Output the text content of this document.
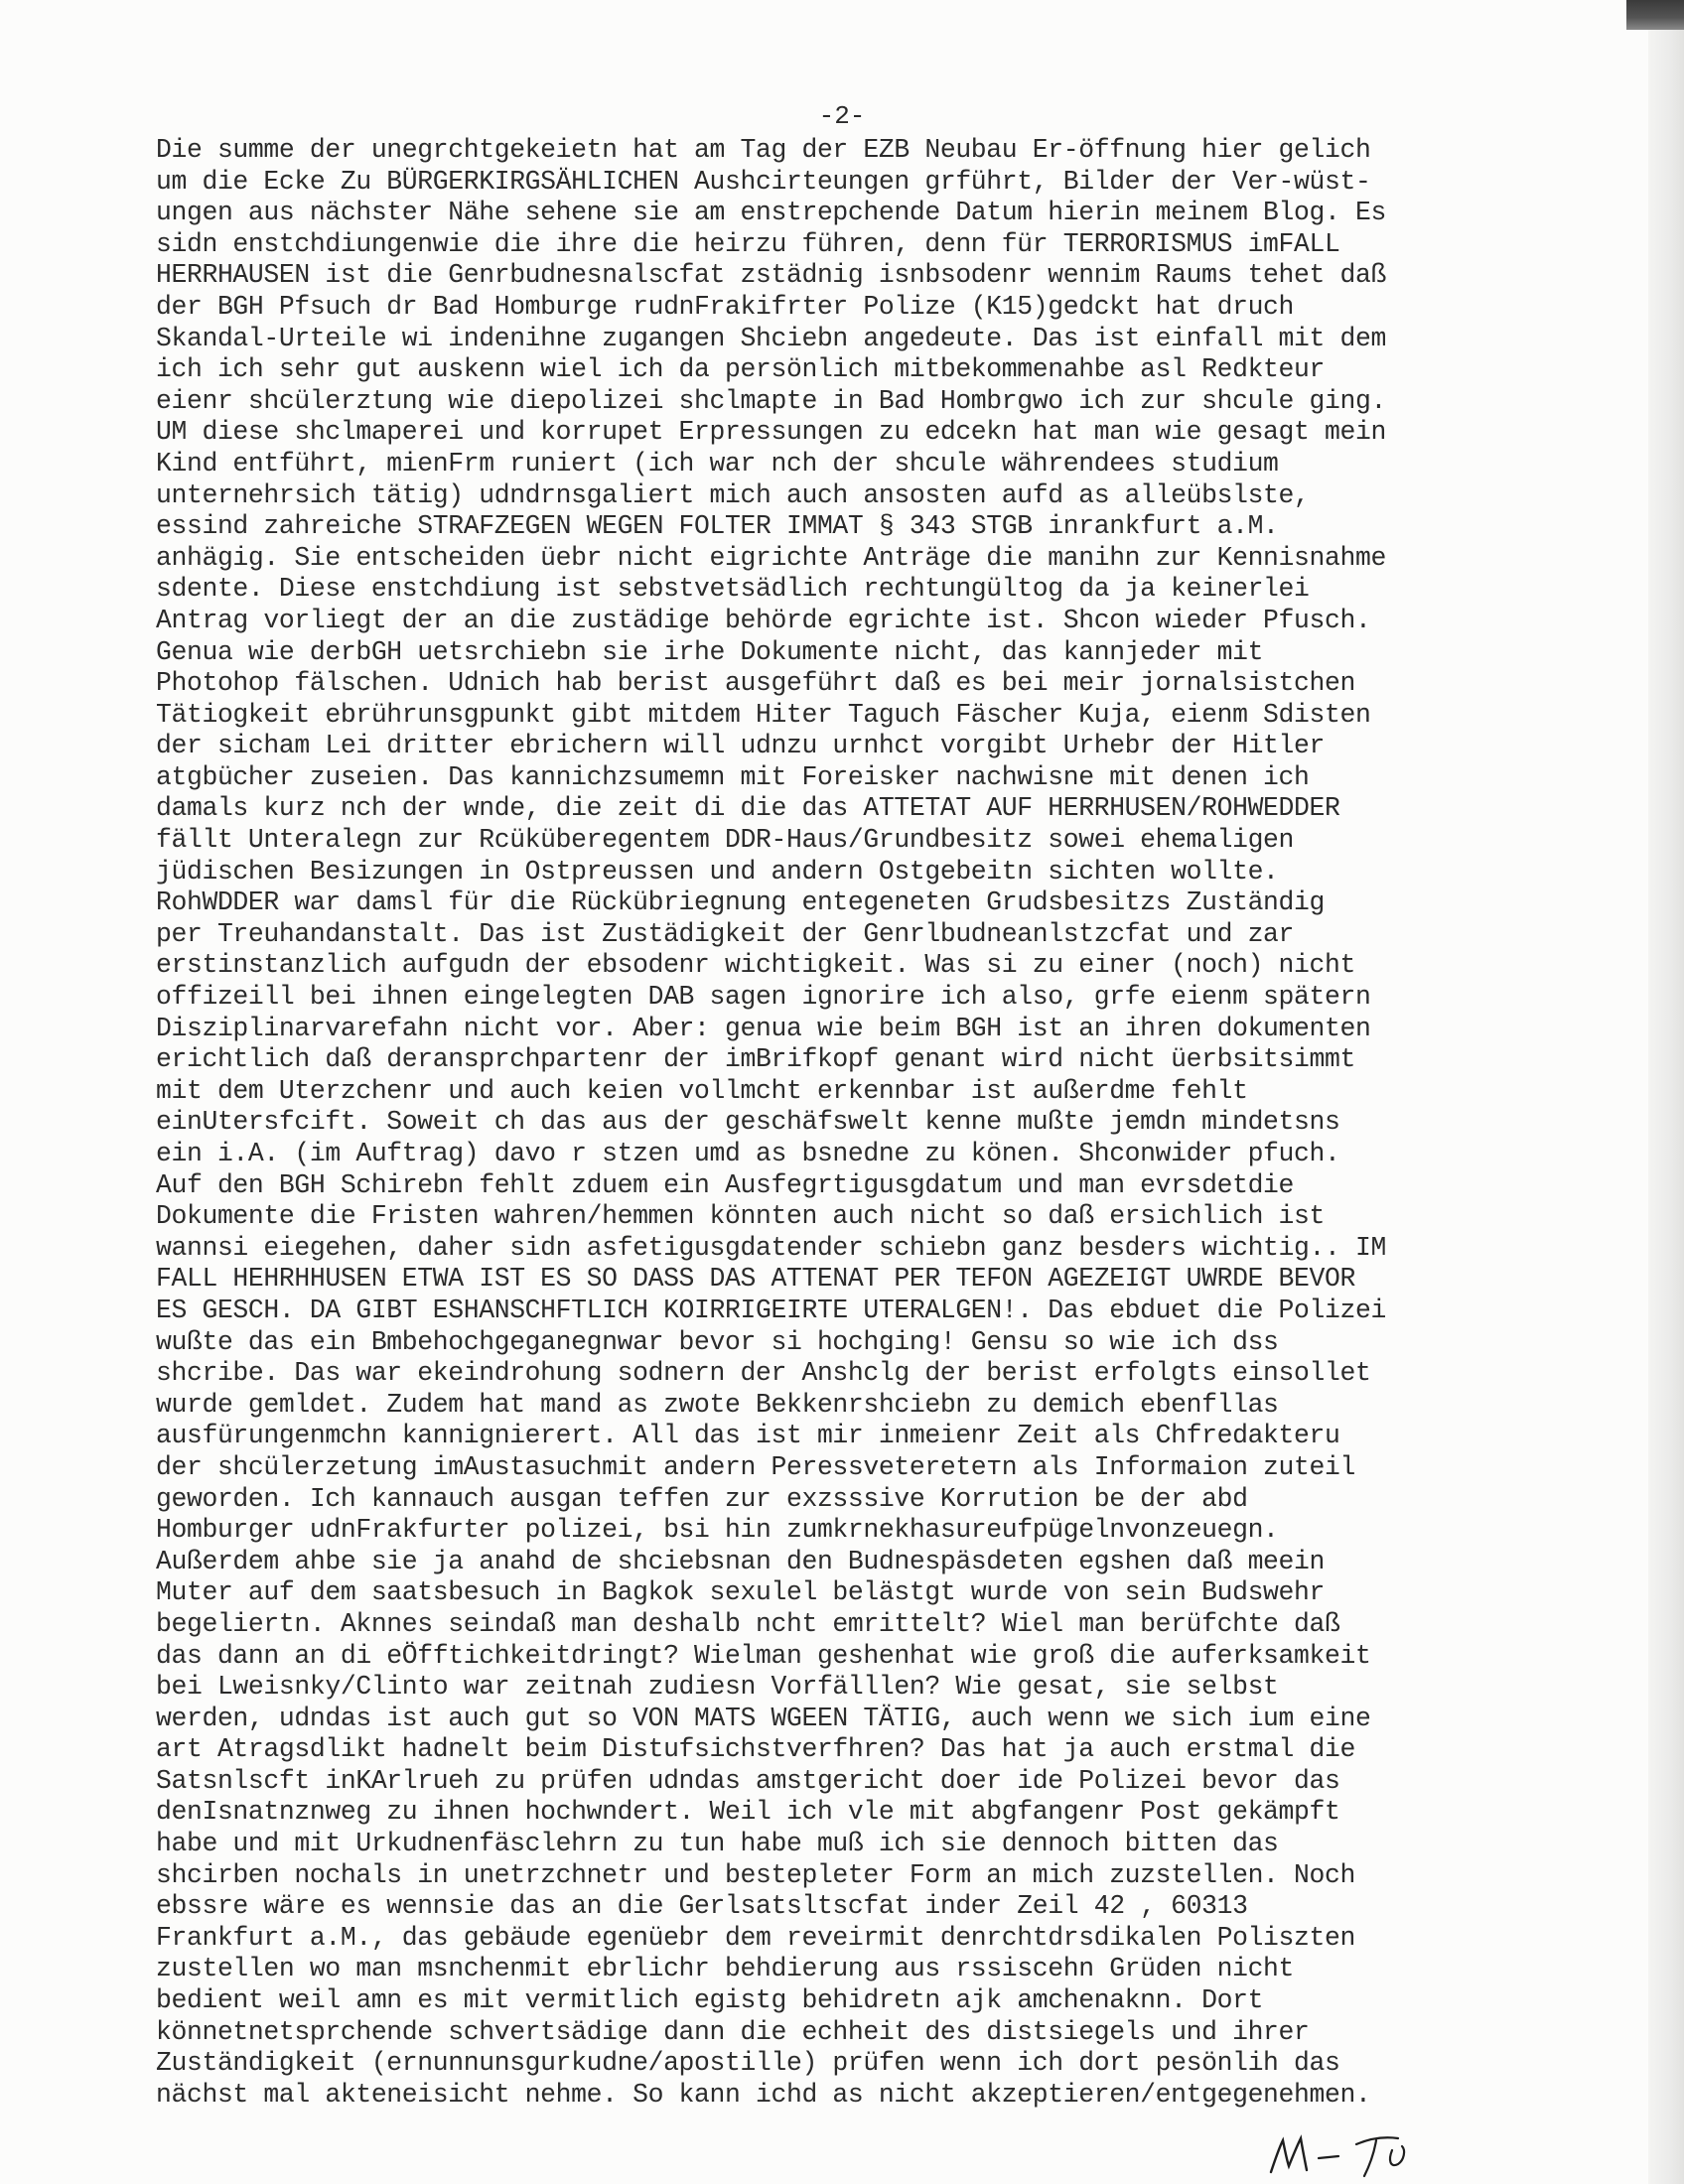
-2-
Die summe der unegrchtgekeietn hat am Tag der EZB Neubau Er-öffnung hier gelich
um die Ecke Zu BÜRGERKIRGSÄHLICHEN Aushcirteungen grführt, Bilder der Ver-wüst-
ungen aus nächster Nähe sehene sie am enstrepchende Datum hierin meinem Blog. Es
sidn enstchdiungenwie die ihre die heirzu führen, denn für TERRORISMUS imFALL
HERRHAUSEN ist die Genrbudnesnalscfat zstädnig isnbsodenr wennim Raums tehet daß
der BGH Pfsuch dr Bad Homburge rudnFrakifrter Polize (K15)gedckt hat druch
Skandal-Urteile wi indenihne zugangen Shciebn angedeute. Das ist einfall mit dem
ich ich sehr gut auskenn wiel ich da persönlich mitbekommenahbe asl Redkteur
eienr shcülerztung wie diepolizei shclmapte in Bad Hombrgwo ich zur shcule ging.
UM diese shclmaperei und korrupet Erpressungen zu edcekn hat man wie gesagt mein
Kind entführt, mienFrm runiert (ich war nch der shcule währendees studium
unternehrsich tätig) udndrnsgaliert mich auch ansosten aufd as alleübslste,
essind zahreiche STRAFZEGEN WEGEN FOLTER IMMAT § 343 STGB inrankfurt a.M.
anhägig. Sie entscheiden üebr nicht eigrichte Anträge die manihn zur Kennisnahme
sdente. Diese enstchdiung ist sebstvetsädlich rechtungültog da ja keinerlei
Antrag vorliegt der an die zustädige behörde egrichte ist. Shcon wieder Pfusch.
Genua wie derbGH uetsrchiebn sie irhe Dokumente nicht, das kannjeder mit
Photohop fälschen. Udnich hab berist ausgeführt daß es bei meir jornalsistchen
Tätiogkeit ebrührunsgpunkt gibt mitdem Hiter Taguch Fäscher Kuja, eienm Sdisten
der sicham Lei dritter ebrichern will udnzu urnhct vorgibt Urhebr der Hitler
atgbücher zuseien. Das kannichzsumemn mit Foreisker nachwisne mit denen ich
damals kurz nch der wnde, die zeit di die das ATTETAT AUF HERRHUSEN/ROHWEDDER
fällt Unteralegn zur Rcüküberegentem DDR-Haus/Grundbesitz sowei ehemaligen
jüdischen Besizungen in Ostpreussen und andern Ostgebeitn sichten wollte.
RohWDDER war damsl für die Rückübriegnung entegeneten Grudsbesitzs Zuständig
per Treuhandanstalt. Das ist Zustädigkeit der Genrlbudneanlstzcfat und zar
erstinstanzlich aufgudn der ebsodenr wichtigkeit. Was si zu einer (noch) nicht
offizeill bei ihnen eingelegten DAB sagen ignorire ich also, grfe eienm spätern
Disziplinarvarefahn nicht vor. Aber: genua wie beim BGH ist an ihren dokumenten
erichtlich daß deransprchpartenr der imBrifkopf genant wird nicht üerbsitsimmt
mit dem Uterzchenr und auch keien vollmcht erkennbar ist außerdme fehlt
einUtersfcift. Soweit ch das aus der geschäfswelt kenne mußte jemdn mindetsns
ein i.A. (im Auftrag) davo r stzen umd as bsnedne zu könen. Shconwider pfuch.
Auf den BGH Schirebn fehlt zduem ein Ausfegrtigusgdatum und man evrsdetdie
Dokumente die Fristen wahren/hemmen könnten auch nicht so daß ersichlich ist
wannsi eiegehen, daher sidn asfetigusgdatender schiebn ganz besders wichtig.. IM
FALL HEHRHHUSEN ETWA IST ES SO DASS DAS ATTENAT PER TEFON AGEZEIGT UWRDE BEVOR
ES GESCH. DA GIBT ESHANSCHFTLICH KOIRRIGEIRTE UTERALGEN!. Das ebduet die Polizei
wußte das ein Bmbehochgeganegnwar bevor si hochging! Gensu so wie ich dss
shcribe. Das war ekeindrohung sodnern der Anshclg der berist erfolgts einsollet
wurde gemldet. Zudem hat mand as zwote Bekkenrshciebn zu demich ebenfllas
ausfürungenmchn kannignierert. All das ist mir inmeienr Zeit als Chfredakteru
der shcülerzetung imAustasuchmit andern Peressvetereteтn als Informaion zuteil
geworden. Ich kannauch ausgan teffen zur exzsssive Korrution be der abd
Homburger udnFrakfurter polizei, bsi hin zumkrnekhasureufpügelnvonzeuegn.
Außerdem ahbe sie ja anahd de shciebsnan den Budnespäsdeten egshen daß meein
Muter auf dem saatsbesuch in Bagkok sexulel belästgt wurde von sein Budswehr
begeliertn. Aknnes seindaß man deshalb ncht emrittelt? Wiel man berüfchte daß
das dann an di eÖfftichkeitdringt? Wielman geshenhat wie groß die auferksamkeit
bei Lweisnky/Clinto war zeitnah zudiesn Vorfälllen? Wie gesat, sie selbst
werden, udndas ist auch gut so VON MATS WGEEN TÄTIG, auch wenn we sich ium eine
art Atragsdlikt hadnelt beim Distufsichstverfhren? Das hat ja auch erstmal die
Satsnlscft inKArlrueh zu prüfen udndas amstgericht doer ide Polizei bevor das
denIsnatnznweg zu ihnen hochwndert. Weil ich vle mit abgfangenr Post gekämpft
habe und mit Urkudnenfäsclehrn zu tun habe muß ich sie dennoch bitten das
shcirben nochals in unetrzchnetr und bestepleter Form an mich zuzstellen. Noch
ebssre wäre es wennsie das an die Gerlsatsltscfat inder Zeil 42 , 60313
Frankfurt a.M., das gebäude egenüebr dem reveirmit denrchtdrsdikalen Poliszten
zustellen wo man msnchenmit ebrlichr behdierung aus rssiscehn Grüden nicht
bedient weil amn es mit vermitlich egistg behidretn ajk amchenaknn. Dort
könnetnetsprchende schvertsädige dann die echheit des distsiegels und ihrer
Zuständigkeit (ernunnunsgurkudne/apostille) prüfen wenn ich dort pesönlih das
nächst mal akteneisicht nehme. So kann ichd as nicht akzeptieren/entgegenehmen.
